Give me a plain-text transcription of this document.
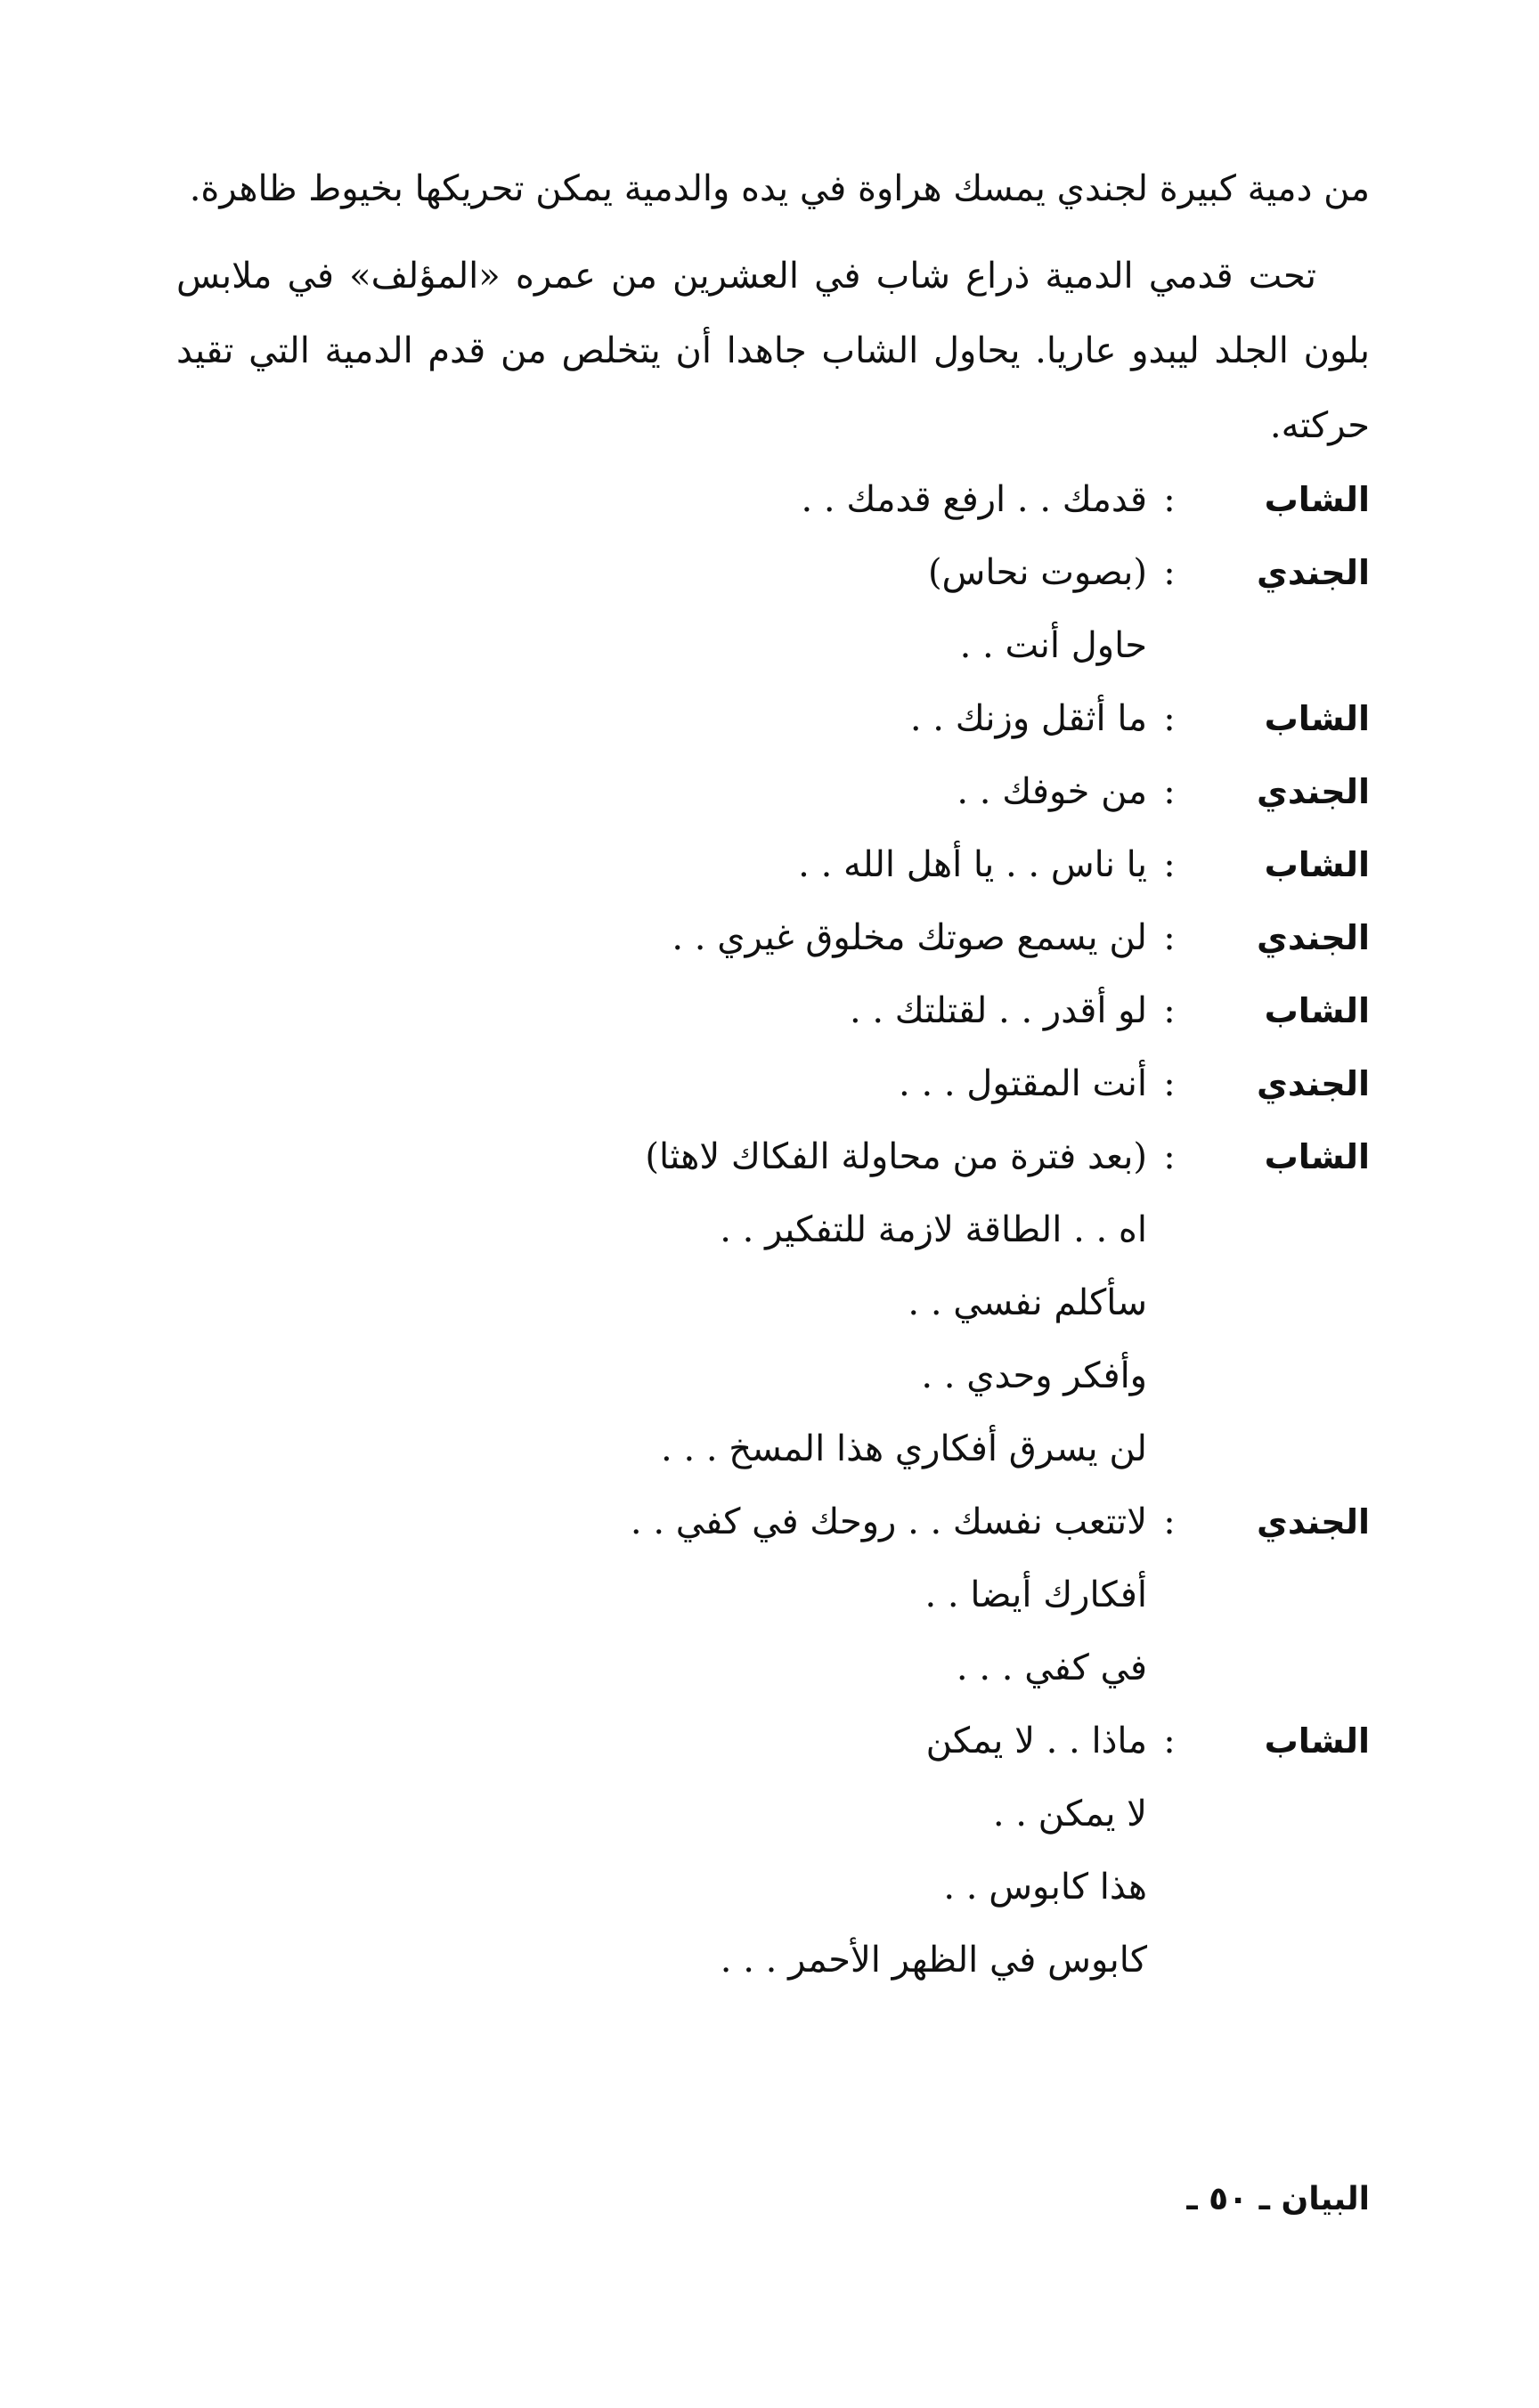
من دمية كبيرة لجندي يمسك هراوة في يده والدمية يمكن تحريكها بخيوط ظاهرة.

تحت قدمي الدمية ذراع شاب في العشرين من عمره «المؤلف» في ملابس بلون الجلد ليبدو عاريا. يحاول الشاب جاهدا أن يتخلص من قدم الدمية التي تقيد حركته.

الشاب
:
قدمك . . ارفع قدمك . .
الجندي
:
(بصوت نحاس)
حاول أنت . .
الشاب
:
ما أثقل وزنك . .
الجندي
:
من خوفك . .
الشاب
:
يا ناس . . يا أهل الله . .
الجندي
:
لن يسمع صوتك مخلوق غيري . .
الشاب
:
لو أقدر . . لقتلتك . .
الجندي
:
أنت المقتول . . .
الشاب
:
(بعد فترة من محاولة الفكاك لاهثا)
اه . . الطاقة لازمة للتفكير . .
سأكلم نفسي . .
وأفكر وحدي . .
لن يسرق أفكاري هذا المسخ . . .
الجندي
:
لاتتعب نفسك . . روحك في كفي . .
أفكارك أيضا . .
في كفي . . .
الشاب
:
ماذا . . لا يمكن
لا يمكن . .
هذا كابوس . .
كابوس في الظهر الأحمر . . .
البيان ـ ٥٠ ـ
